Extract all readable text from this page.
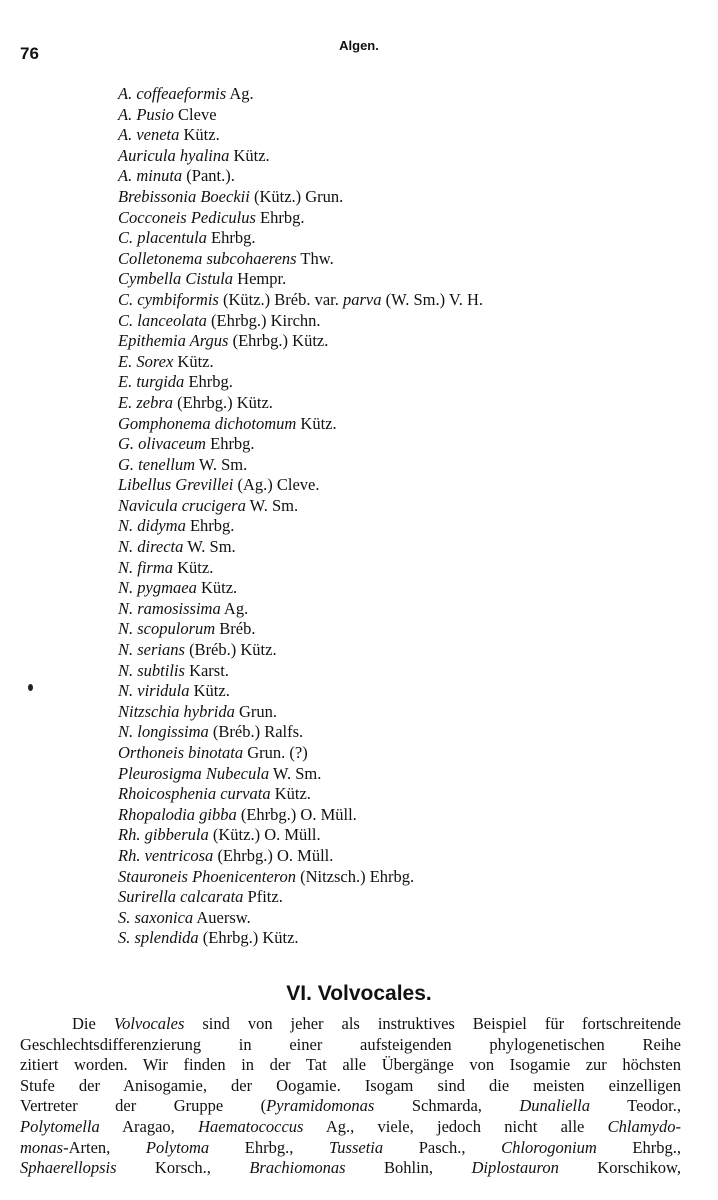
76	Algen.
A. coffeaeformis Ag.
A. Pusio Cleve
A. veneta Kütz.
Auricula hyalina Kütz.
A. minuta (Pant.).
Brebissonia Boeckii (Kütz.) Grun.
Cocconeis Pediculus Ehrbg.
C. placentula Ehrbg.
Colletonema subcohaerens Thw.
Cymbella Cistula Hempr.
C. cymbiformis (Kütz.) Bréb. var. parva (W. Sm.) V. H.
C. lanceolata (Ehrbg.) Kirchn.
Epithemia Argus (Ehrbg.) Kütz.
E. Sorex Kütz.
E. turgida Ehrbg.
E. zebra (Ehrbg.) Kütz.
Gomphonema dichotomum Kütz.
G. olivaceum Ehrbg.
G. tenellum W. Sm.
Libellus Grevillei (Ag.) Cleve.
Navicula crucigera W. Sm.
N. didyma Ehrbg.
N. directa W. Sm.
N. firma Kütz.
N. pygmaea Kütz.
N. ramosissima Ag.
N. scopulorum Bréb.
N. serians (Bréb.) Kütz.
N. subtilis Karst.
N. viridula Kütz.
Nitzschia hybrida Grun.
N. longissima (Bréb.) Ralfs.
Orthoneis binotata Grun. (?)
Pleurosigma Nubecula W. Sm.
Rhoicosphenia curvata Kütz.
Rhopalodia gibba (Ehrbg.) O. Müll.
Rh. gibberula (Kütz.) O. Müll.
Rh. ventricosa (Ehrbg.) O. Müll.
Stauroneis Phoenicenteron (Nitzsch.) Ehrbg.
Surirella calcarata Pfitz.
S. saxonica Auersw.
S. splendida (Ehrbg.) Kütz.
VI. Volvocales.
Die Volvocales sind von jeher als instruktives Beispiel für fortschreitende
Geschlechtsdifferenzierung in einer aufsteigenden phylogenetischen Reihe
zitiert worden. Wir finden in der Tat alle Übergänge von Isogamie zur höchsten
Stufe der Anisogamie, der Oogamie. Isogam sind die meisten einzelligen
Vertreter der Gruppe (Pyramidomonas Schmarda, Dunaliella Teodor.,
Polytomella Aragao, Haematococcus Ag., viele, jedoch nicht alle Chlamydo-
monas-Arten, Polytoma Ehrbg., Tussetia Pasch., Chlorogonium Ehrbg.,
Sphaerellopsis Korsch., Brachiomonas Bohlin, Diplostauron Korschikow,
